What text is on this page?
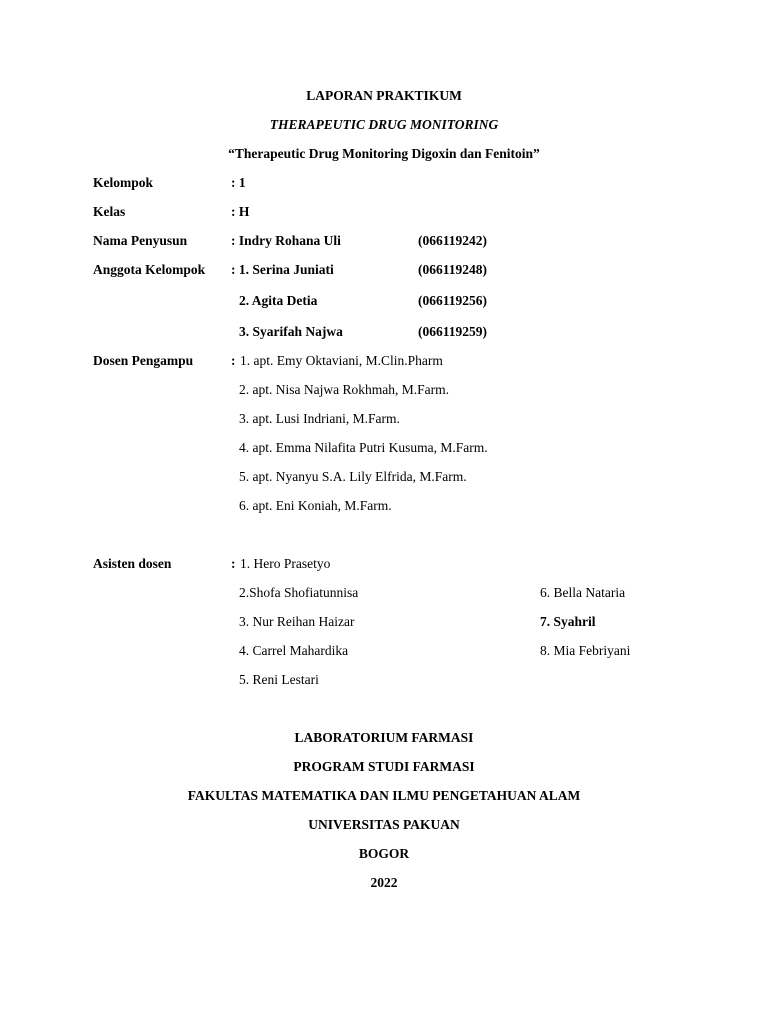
LAPORAN PRAKTIKUM
THERAPEUTIC DRUG MONITORING
“Therapeutic Drug Monitoring Digoxin dan Fenitoin”
Kelompok	: 1
Kelas	: H
Nama Penyusun	: Indry Rohana Uli	(066119242)
Anggota Kelompok : 1. Serina Juniati	(066119248)
2. Agita Detia	(066119256)
3. Syarifah Najwa	(066119259)
Dosen Pengampu	: 1. apt. Emy Oktaviani, M.Clin.Pharm
2. apt. Nisa Najwa Rokhmah, M.Farm.
3. apt. Lusi Indriani, M.Farm.
4. apt. Emma Nilafita Putri Kusuma, M.Farm.
5. apt. Nyanyu S.A. Lily Elfrida, M.Farm.
6. apt. Eni Koniah, M.Farm.
Asisten dosen	: 1. Hero Prasetyo
2.Shofa Shofiatunnisa
3. Nur Reihan Haizar
4. Carrel Mahardika
5. Reni Lestari
6. Bella Nataria
7. Syahril
8. Mia Febriyani
LABORATORIUM FARMASI
PROGRAM STUDI FARMASI
FAKULTAS MATEMATIKA DAN ILMU PENGETAHUAN ALAM
UNIVERSITAS PAKUAN
BOGOR
2022
